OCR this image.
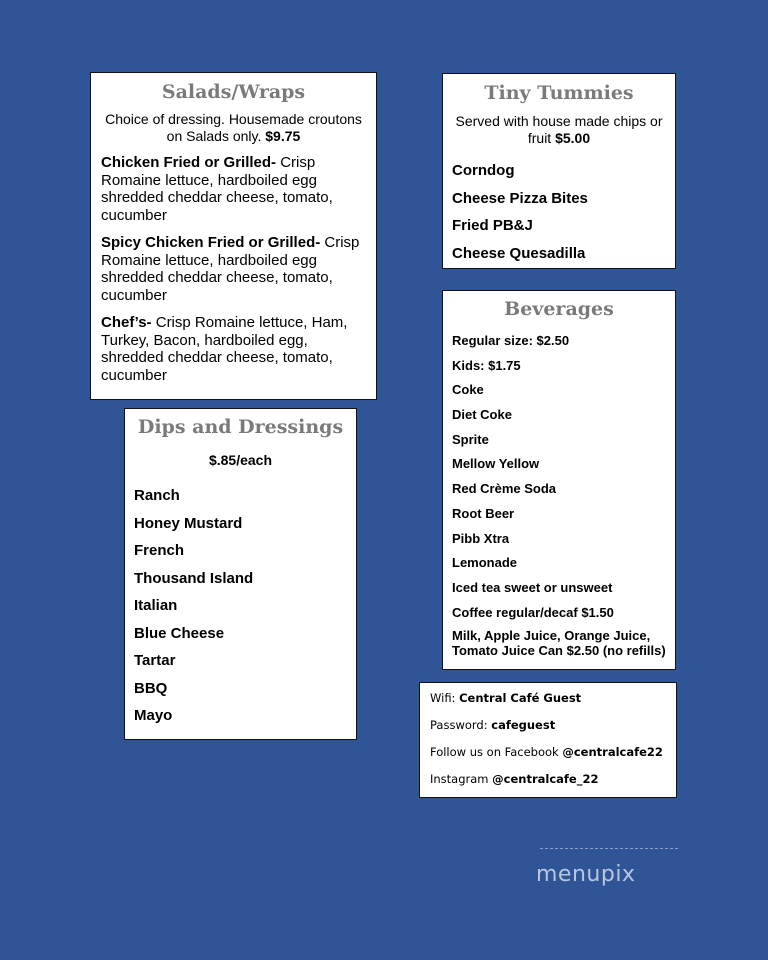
Salads/Wraps

Choice of dressing. Housemade croutons on Salads only. $9.75

Chicken Fried or Grilled- Crisp Romaine lettuce, hardboiled egg shredded cheddar cheese, tomato, cucumber
Spicy Chicken Fried or Grilled- Crisp Romaine lettuce, hardboiled egg shredded cheddar cheese, tomato, cucumber
Chef’s- Crisp Romaine lettuce, Ham, Turkey, Bacon, hardboiled egg, shredded cheddar cheese, tomato, cucumber
Tiny Tummies

Served with house made chips or fruit $5.00

Corndog
Cheese Pizza Bites
Fried PB&J
Cheese Quesadilla
Beverages
Regular size: $2.50
Kids: $1.75
Coke
Diet Coke
Sprite
Mellow Yellow
Red Crème Soda
Root Beer
Pibb Xtra
Lemonade
Iced tea sweet or unsweet
Coffee regular/decaf $1.50
Milk, Apple Juice, Orange Juice, Tomato Juice Can $2.50 (no refills)
Dips and Dressings
$.85/each
Ranch
Honey Mustard
French
Thousand Island
Italian
Blue Cheese
Tartar
BBQ
Mayo
Wifi: Central Café Guest
Password: cafeguest
Follow us on Facebook @centralcafe22
Instagram @centralcafe_22
menupix
